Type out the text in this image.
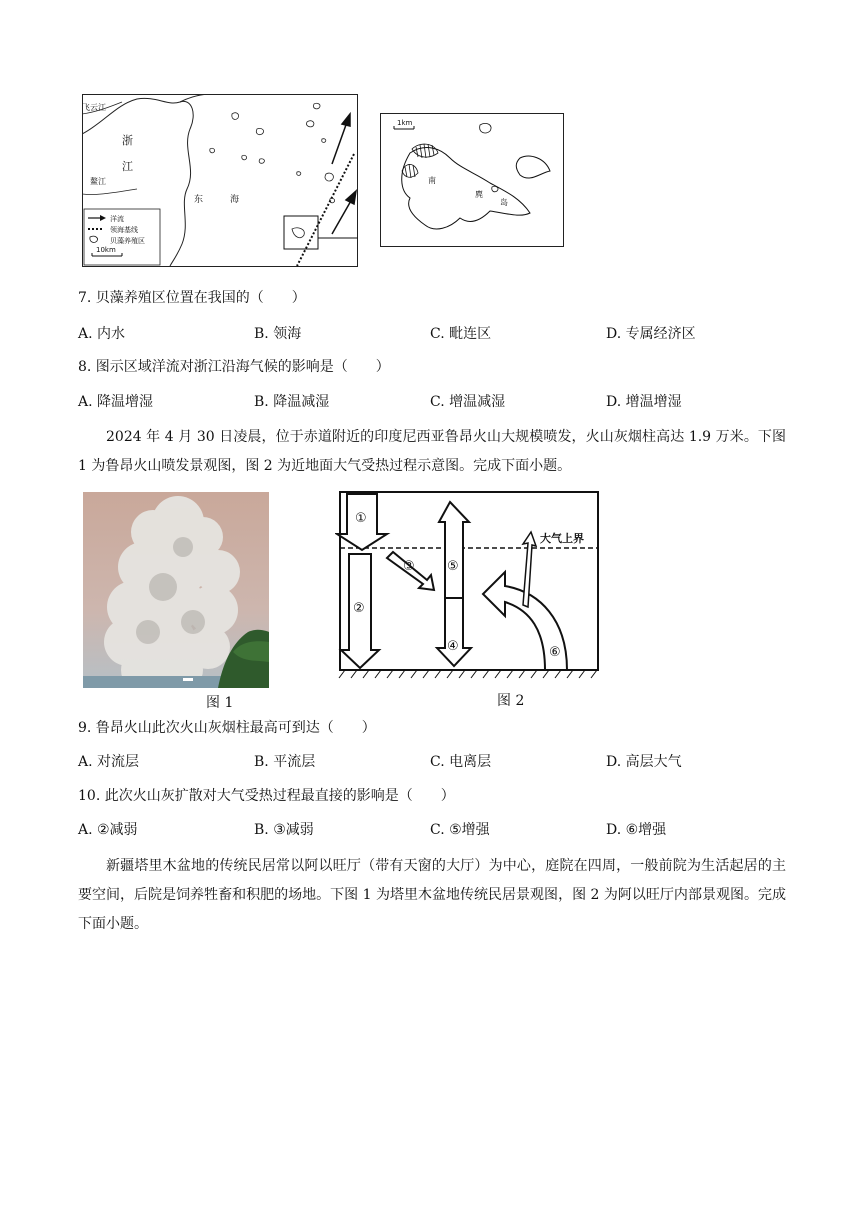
飞云江
浙
江
鳌江
东	海
洋流
领海基线
贝藻养殖区
10km
1km
南
麂
岛
7. 贝藻养殖区位置在我国的（　　）
A. 内水	B. 领海	C. 毗连区	D. 专属经济区
8. 图示区域洋流对浙江沿海气候的影响是（　　）
A. 降温增湿	B. 降温减湿	C. 增温减湿	D. 增温增湿
2024 年 4 月 30 日凌晨，位于赤道附近的印度尼西亚鲁昂火山大规模喷发，火山灰烟柱高达 1.9 万米。下图 1 为鲁昂火山喷发景观图，图 2 为近地面大气受热过程示意图。完成下面小题。
图 1
大气上界
①
②
③ ⑤
④	⑥
图 2
9. 鲁昂火山此次火山灰烟柱最高可到达（　　）
A. 对流层	B. 平流层	C. 电离层	D. 高层大气
10. 此次火山灰扩散对大气受热过程最直接的影响是（　　）
A. ②减弱	B. ③减弱	C. ⑤增强	D. ⑥增强
新疆塔里木盆地的传统民居常以阿以旺厅（带有天窗的大厅）为中心，庭院在四周，一般前院为生活起居的主要空间，后院是饲养牲畜和积肥的场地。下图 1 为塔里木盆地传统民居景观图，图 2 为阿以旺厅内部景观图。完成下面小题。
